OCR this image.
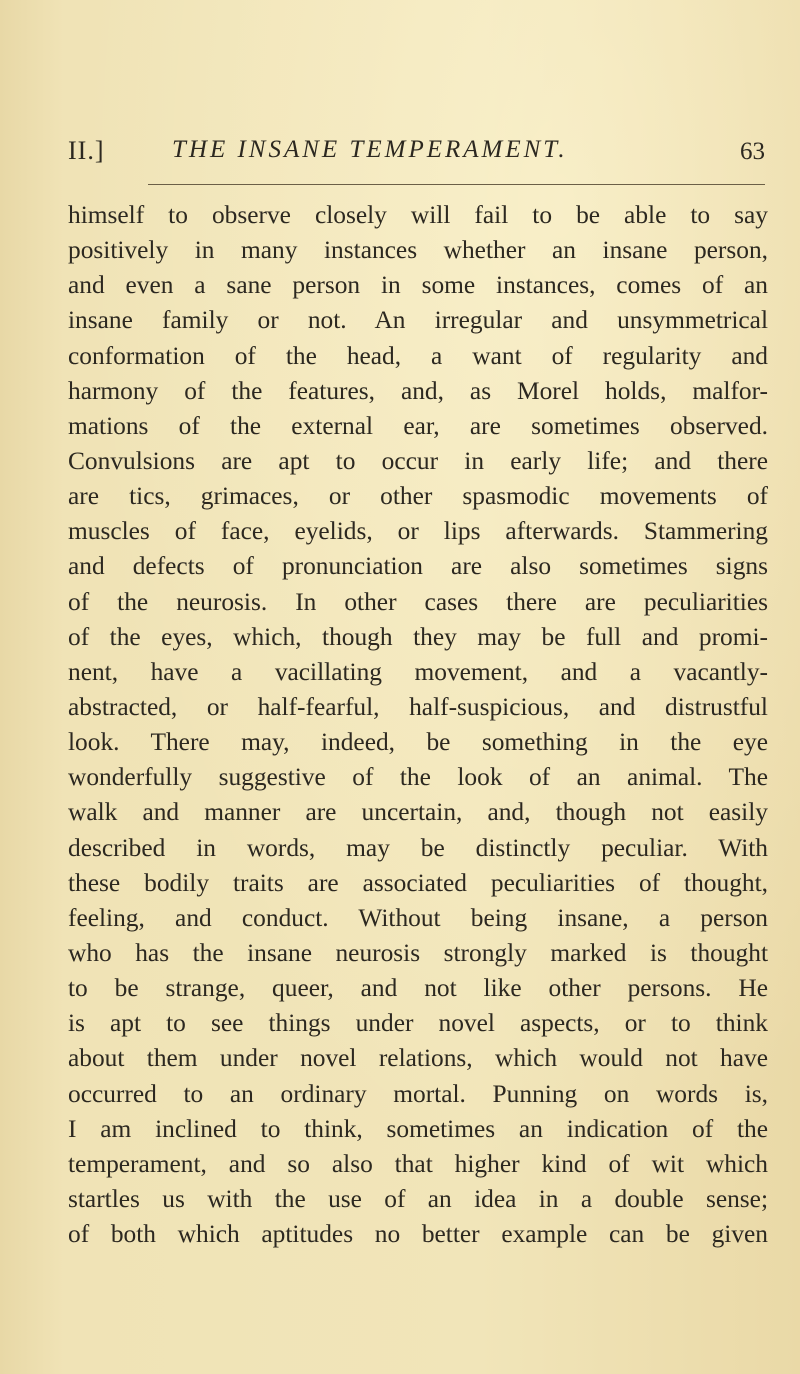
II.]	THE INSANE TEMPERAMENT.	63
himself to observe closely will fail to be able to say
positively in many instances whether an insane person,
and even a sane person in some instances, comes of an
insane family or not. An irregular and unsymmetrical
conformation of the head, a want of regularity and
harmony of the features, and, as Morel holds, malfor-
mations of the external ear, are sometimes observed.
Convulsions are apt to occur in early life; and there
are tics, grimaces, or other spasmodic movements of
muscles of face, eyelids, or lips afterwards. Stammering
and defects of pronunciation are also sometimes signs
of the neurosis. In other cases there are peculiarities
of the eyes, which, though they may be full and promi-
nent, have a vacillating movement, and a vacantly-
abstracted, or half-fearful, half-suspicious, and distrustful
look. There may, indeed, be something in the eye
wonderfully suggestive of the look of an animal. The
walk and manner are uncertain, and, though not easily
described in words, may be distinctly peculiar. With
these bodily traits are associated peculiarities of thought,
feeling, and conduct. Without being insane, a person
who has the insane neurosis strongly marked is thought
to be strange, queer, and not like other persons. He
is apt to see things under novel aspects, or to think
about them under novel relations, which would not have
occurred to an ordinary mortal. Punning on words is,
I am inclined to think, sometimes an indication of the
temperament, and so also that higher kind of wit which
startles us with the use of an idea in a double sense;
of both which aptitudes no better example can be given
